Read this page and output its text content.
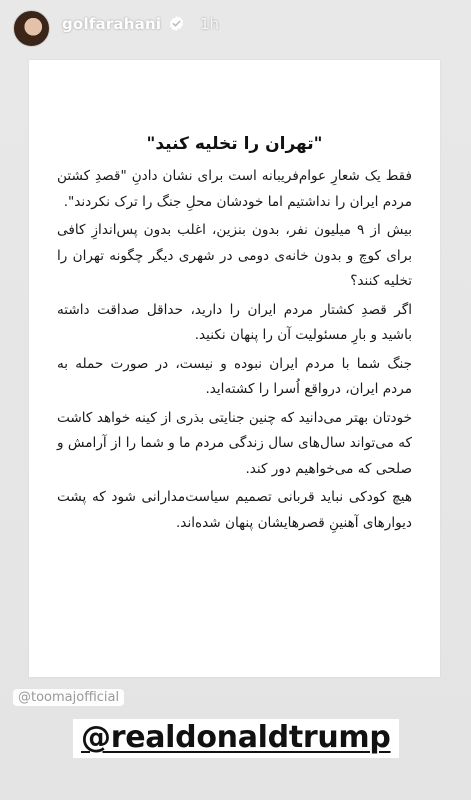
golfarahani	1h
"تهران را تخلیه کنید"

فقط یک شعارِ عوام‌فریبانه است برای نشان دادنِ "قصدِ کشتن مردم ایران را نداشتیم اما خودشان محلِ جنگ را ترک نکردند".

بیش از ۹ میلیون نفر، بدون بنزین، اغلب بدون پس‌اندازِ کافی برای کوچ و بدون خانه‌ی دومی در شهری دیگر چگونه تهران را تخلیه کنند؟

اگر قصدِ کشتار مردم ایران را دارید، حداقل صداقت داشته باشید و بارِ مسئولیت آن را پنهان نکنید.

جنگ شما با مردم ایران نبوده و نیست، در صورت حمله به مردم ایران، درواقع اُسرا را کشته‌اید.

خودتان بهتر می‌دانید که چنین جنایتی بذری از کینه خواهد کاشت که می‌تواند سال‌های سال زندگی مردم ما و شما را از آرامش و صلحی که می‌خواهیم دور کند.

هیچ کودکی نباید قربانی تصمیم سیاست‌مدارانی شود که پشت دیوارهای آهنینِ قصرهایشان پنهان شده‌اند.

@toomajofficial
@realdonaldtrump
